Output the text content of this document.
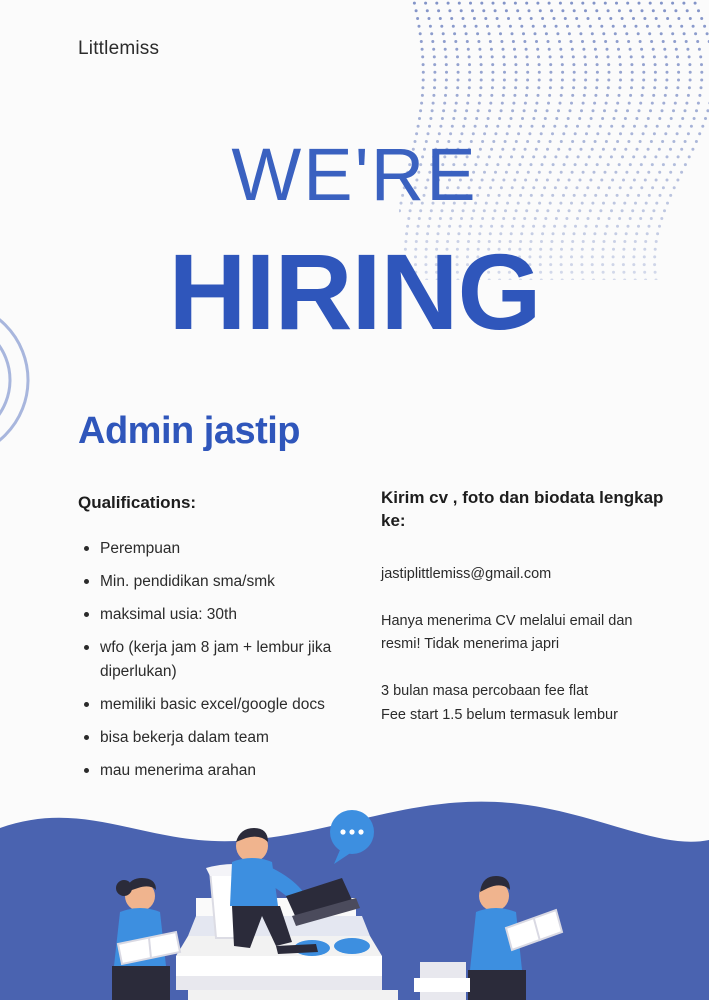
Littlemiss
WE'RE
HIRING
Admin jastip
Qualifications:
Perempuan
Min. pendidikan sma/smk
maksimal usia: 30th
wfo (kerja jam 8 jam + lembur jika diperlukan)
memiliki basic excel/google docs
bisa bekerja dalam team
mau menerima arahan
Kirim cv , foto dan biodata lengkap ke:

jastiplittlemiss@gmail.com

Hanya menerima CV melalui email dan resmi! Tidak menerima japri

3 bulan masa percobaan fee flat

Fee start 1.5 belum termasuk lembur
